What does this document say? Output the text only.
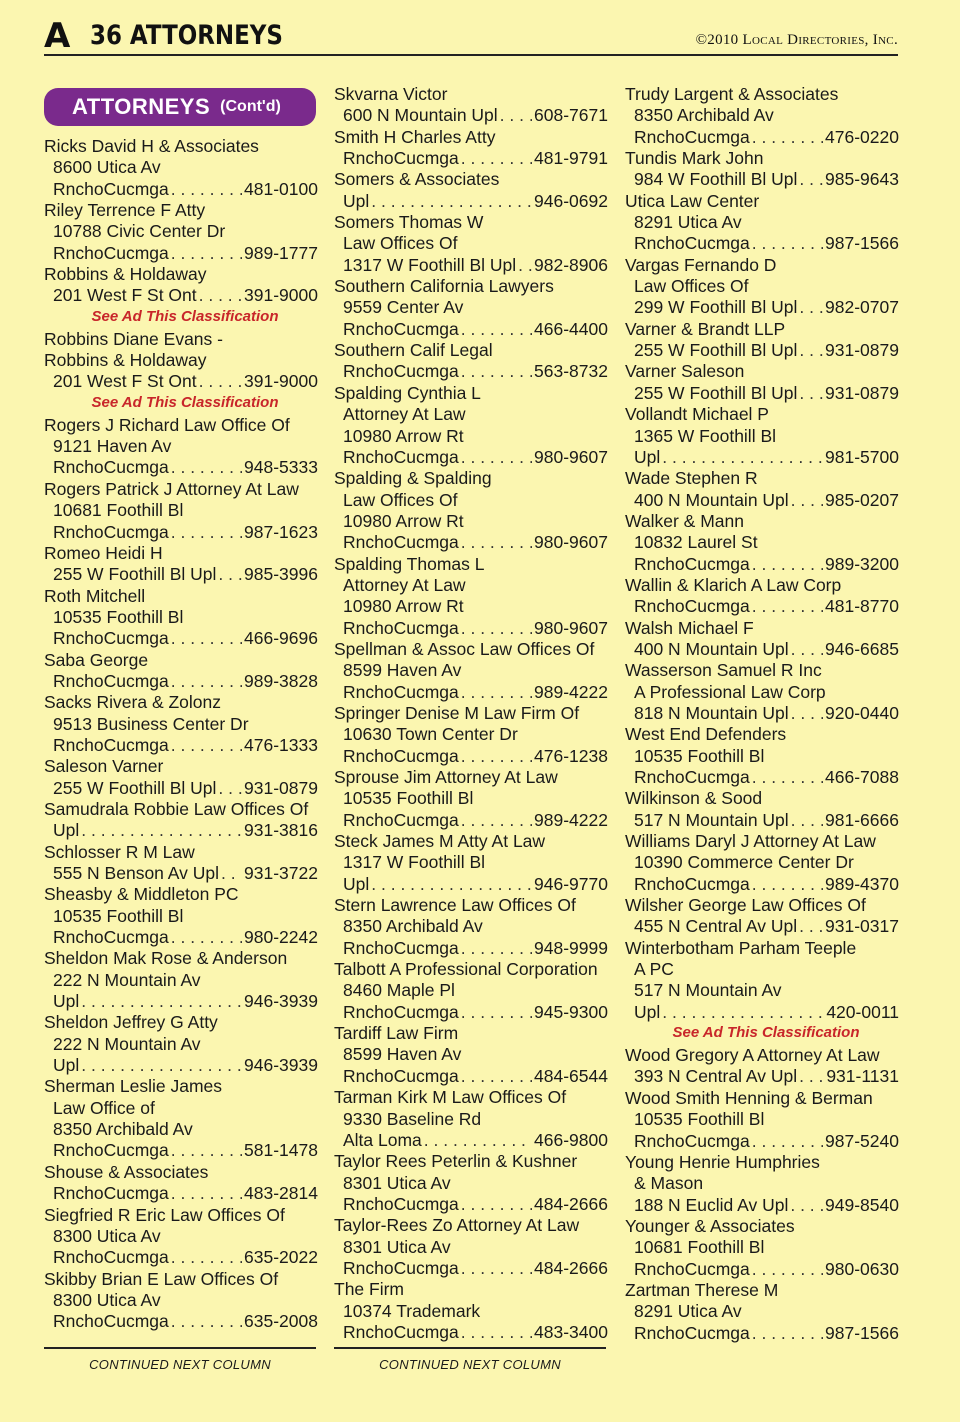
A 36 ATTORNEYS	©2010 Local Directories, Inc.
ATTORNEYS (Cont'd)
Ricks David H & Associates
8600 Utica Av
RnchoCucmga . . .	481-0100
Riley Terrence F Atty
10788 Civic Center Dr
RnchoCucmga . . .	989-1777
Robbins & Holdaway
201 West F St Ont . . .	391-9000
See Ad This Classification
Robbins Diane Evans -
Robbins & Holdaway
201 West F St Ont . . .	391-9000
See Ad This Classification
Rogers J Richard Law Office Of
9121 Haven Av
RnchoCucmga . . .	948-5333
Rogers Patrick J Attorney At Law
10681 Foothill Bl
RnchoCucmga . . .	987-1623
Romeo Heidi H
255 W Foothill Bl Upl . . . 985-3996
Roth Mitchell
10535 Foothill Bl
RnchoCucmga . . .	466-9696
Saba George
RnchoCucmga . . .	989-3828
Sacks Rivera & Zolonz
9513 Business Center Dr
RnchoCucmga . . .	476-1333
Saleson Varner
255 W Foothill Bl Upl . . . 931-0879
Samudrala Robbie Law Offices Of
Upl . . .	931-3816
Schlosser R M Law
555 N Benson Av Upl . . . 931-3722
Sheasby & Middleton PC
10535 Foothill Bl
RnchoCucmga . . .	980-2242
Sheldon Mak Rose & Anderson
222 N Mountain Av
Upl . . .	946-3939
Sheldon Jeffrey G Atty
222 N Mountain Av
Upl . . .	946-3939
Sherman Leslie James
Law Office of
8350 Archibald Av
RnchoCucmga . . .	581-1478
Shouse & Associates
RnchoCucmga . . .	483-2814
Siegfried R Eric Law Offices Of
8300 Utica Av
RnchoCucmga . . .	635-2022
Skibby Brian E Law Offices Of
8300 Utica Av
RnchoCucmga . . .	635-2008
Skvarna Victor
600 N Mountain Upl . . . 608-7671
Smith H Charles Atty
RnchoCucmga . . .	481-9791
Somers & Associates
Upl . . .	946-0692
Somers Thomas W
Law Offices Of
1317 W Foothill Bl Upl . . . 982-8906
Southern California Lawyers
9559 Center Av
RnchoCucmga . . .	466-4400
Southern Calif Legal
RnchoCucmga . . .	563-8732
Spalding Cynthia L
Attorney At Law
10980 Arrow Rt
RnchoCucmga . . .	980-9607
Spalding & Spalding
Law Offices Of
10980 Arrow Rt
RnchoCucmga . . .	980-9607
Spalding Thomas L
Attorney At Law
10980 Arrow Rt
RnchoCucmga . . .	980-9607
Spellman & Assoc Law Offices Of
8599 Haven Av
RnchoCucmga . . .	989-4222
Springer Denise M Law Firm Of
10630 Town Center Dr
RnchoCucmga . . .	476-1238
Sprouse Jim Attorney At Law
10535 Foothill Bl
RnchoCucmga . . .	989-4222
Steck James M Atty At Law
1317 W Foothill Bl
Upl . . .	946-9770
Stern Lawrence Law Offices Of
8350 Archibald Av
RnchoCucmga . . .	948-9999
Talbott A Professional Corporation
8460 Maple Pl
RnchoCucmga . . .	945-9300
Tardiff Law Firm
8599 Haven Av
RnchoCucmga . . .	484-6544
Tarman Kirk M Law Offices Of
9330 Baseline Rd
Alta Loma . . .	466-9800
Taylor Rees Peterlin & Kushner
8301 Utica Av
RnchoCucmga . . .	484-2666
Taylor-Rees Zo Attorney At Law
8301 Utica Av
RnchoCucmga . . .	484-2666
The Firm
10374 Trademark
RnchoCucmga . . .	483-3400
Trudy Largent & Associates
8350 Archibald Av
RnchoCucmga . . .	476-0220
Tundis Mark John
984 W Foothill Bl Upl . . . 985-9643
Utica Law Center
8291 Utica Av
RnchoCucmga . . .	987-1566
Vargas Fernando D
Law Offices Of
299 W Foothill Bl Upl . . . 982-0707
Varner & Brandt LLP
255 W Foothill Bl Upl . . . 931-0879
Varner Saleson
255 W Foothill Bl Upl . . . 931-0879
Vollandt Michael P
1365 W Foothill Bl
Upl . . .	981-5700
Wade Stephen R
400 N Mountain Upl . . . 985-0207
Walker & Mann
10832 Laurel St
RnchoCucmga . . .	989-3200
Wallin & Klarich A Law Corp
RnchoCucmga . . .	481-8770
Walsh Michael F
400 N Mountain Upl . . . 946-6685
Wasserson Samuel R Inc
A Professional Law Corp
818 N Mountain Upl . . . 920-0440
West End Defenders
10535 Foothill Bl
RnchoCucmga . . .	466-7088
Wilkinson & Sood
517 N Mountain Upl . . . 981-6666
Williams Daryl J Attorney At Law
10390 Commerce Center Dr
RnchoCucmga . . .	989-4370
Wilsher George Law Offices Of
455 N Central Av Upl . . . 931-0317
Winterbotham Parham Teeple
A PC
517 N Mountain Av
Upl . . .	420-0011
See Ad This Classification
Wood Gregory A Attorney At Law
393 N Central Av Upl . . . 931-1131
Wood Smith Henning & Berman
10535 Foothill Bl
RnchoCucmga . . .	987-5240
Young Henrie Humphries
& Mason
188 N Euclid Av Upl . . . 949-8540
Younger & Associates
10681 Foothill Bl
RnchoCucmga . . .	980-0630
Zartman Therese M
8291 Utica Av
RnchoCucmga . . .	987-1566
CONTINUED NEXT COLUMN	CONTINUED NEXT COLUMN
